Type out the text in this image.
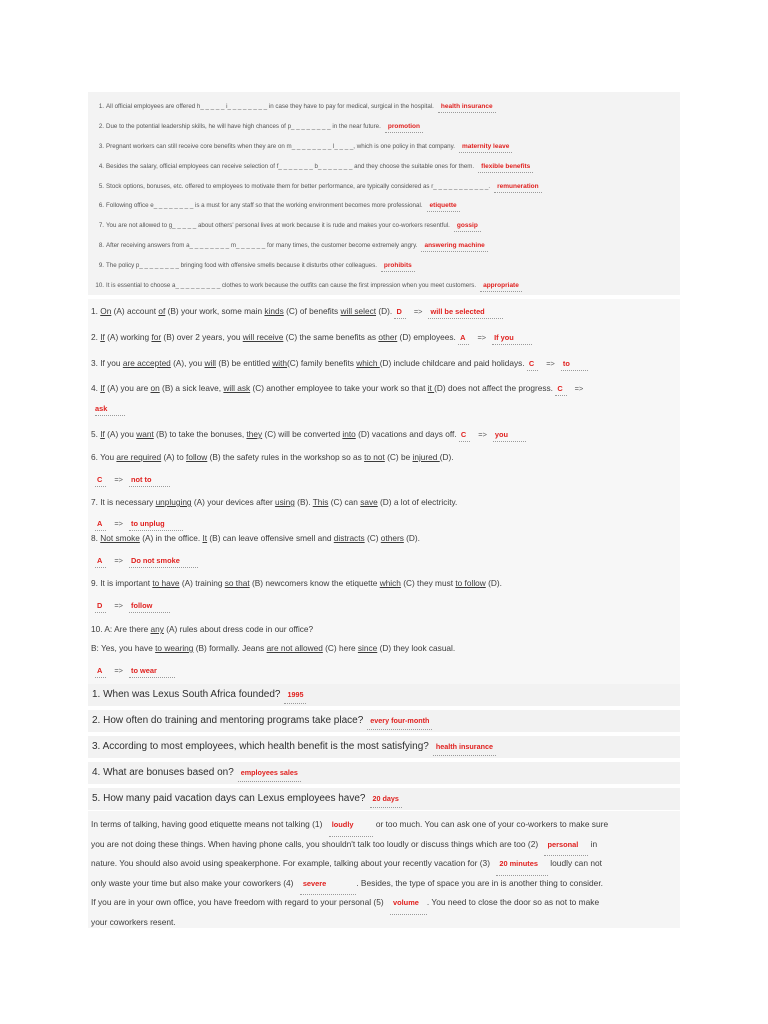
1. All official employees are offered h_ _ _ _ _ i_ _ _ _ _ _ _ _ in case they have to pay for medical, surgical in the hospital. health insurance
2. Due to the potential leadership skills, he will have high chances of p_ _ _ _ _ _ _ _ in the near future. promotion
3. Pregnant workers can still receive core benefits when they are on m_ _ _ _ _ _ _ _ l_ _ _ _, which is one policy in that company. maternity leave
4. Besides the salary, official employees can receive selection of f_ _ _ _ _ _ _ b_ _ _ _ _ _ _ and they choose the suitable ones for them. flexible benefits
5. Stock options, bonuses, etc. offered to employees to motivate them for better performance, are typically considered as r_ _ _ _ _ _ _ _ _ _ _. remuneration
6. Following office e_ _ _ _ _ _ _ _ is a must for any staff so that the working environment becomes more professional. etiquette
7. You are not allowed to g_ _ _ _ _ about others' personal lives at work because it is rude and makes your co-workers resentful. gossip
8. After receiving answers from a_ _ _ _ _ _ _ _ m_ _ _ _ _ _ for many times, the customer become extremely angry. answering machine
9. The policy p_ _ _ _ _ _ _ _ bringing food with offensive smells because it disturbs other colleagues. prohibits
10. It is essential to choose a_ _ _ _ _ _ _ _ _ clothes to work because the outfits can cause the first impression when you meet customers. appropriate
1. On (A) account of (B) your work, some main kinds (C) of benefits will select (D). D => will be selected
2. If (A) working for (B) over 2 years, you will receive (C) the same benefits as other (D) employees. A => If you
3. If you are accepted (A), you will (B) be entitled with(C) family benefits which (D) include childcare and paid holidays. C => to
4. If (A) you are on (B) a sick leave, will ask (C) another employee to take your work so that it (D) does not affect the progress. C =>
ask
5. If (A) you want (B) to take the bonuses, they (C) will be converted into (D) vacations and days off. C => you
6. You are required (A) to follow (B) the safety rules in the workshop so as to not (C) be injured (D).
C => not to
7. It is necessary unpluging (A) your devices after using (B). This (C) can save (D) a lot of electricity.
A => to unplug
8. Not smoke (A) in the office. It (B) can leave offensive smell and distracts (C) others (D).
A => Do not smoke
9. It is important to have (A) training so that (B) newcomers know the etiquette which (C) they must to follow (D).
D => follow
10. A: Are there any (A) rules about dress code in our office?
B: Yes, you have to wearing (B) formally. Jeans are not allowed (C) here since (D) they look casual.
A => to wear
1. When was Lexus South Africa founded? 1995
2. How often do training and mentoring programs take place? every four-month
3. According to most employees, which health benefit is the most satisfying? health insurance
4. What are bonuses based on? employees sales
5. How many paid vacation days can Lexus employees have? 20 days
In terms of talking, having good etiquette means not talking (1) loudly	or too much. You can ask one of your co-workers to make sure
you are not doing these things. When having phone calls, you shouldn't talk too loudly or discuss things which are too (2) personal in
nature. You should also avoid using speakerphone. For example, talking about your recently vacation for (3) 20 minutes loudly can not
only waste your time but also make your coworkers (4) severe	. Besides, the type of space you are in is another thing to consider.
If you are in your own office, you have freedom with regard to your personal (5) volume . You need to close the door so as not to make
your coworkers resent.
